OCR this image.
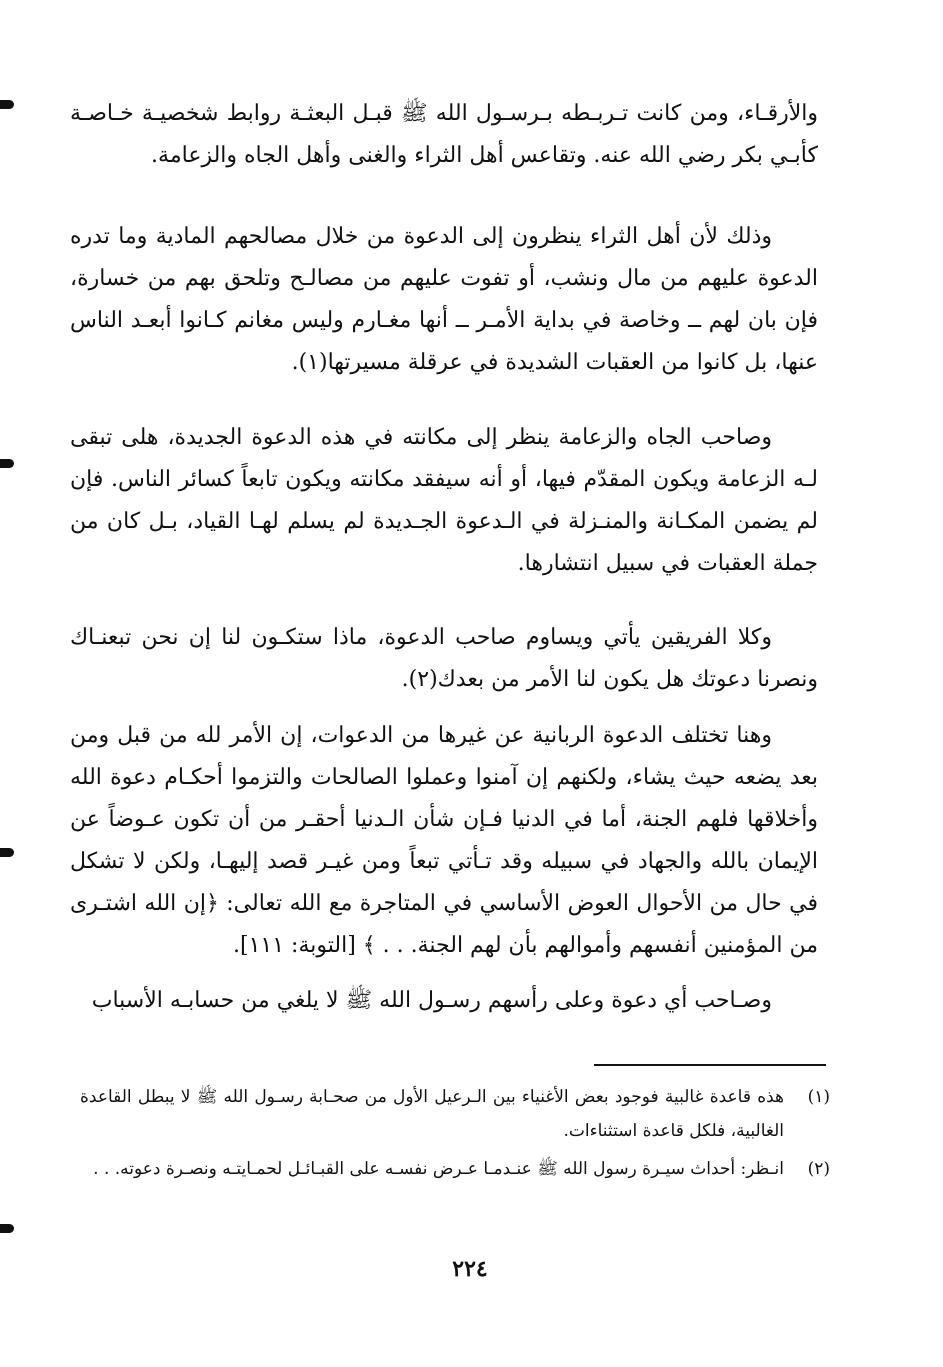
والأرقـاء، ومن كانت تـربـطه بـرسـول الله ﷺ قبـل البعثـة روابط شخصيـة خـاصـة كأبـي بكر رضي الله عنه. وتقاعس أهل الثراء والغنى وأهل الجاه والزعامة.

وذلك لأن أهل الثراء ينظرون إلى الدعوة من خلال مصالحهم المادية وما تدره الدعوة عليهم من مال ونشب، أو تفوت عليهم من مصالـح وتلحق بهم من خسارة، فإن بان لهم ــ وخاصة في بداية الأمـر ــ أنها مغـارم وليس مغانم كـانوا أبعـد الناس عنها، بل كانوا من العقبات الشديدة في عرقلة مسيرتها(١).

وصاحب الجاه والزعامة ينظر إلى مكانته في هذه الدعوة الجديدة، هلى تبقى لـه الزعامة ويكون المقدّم فيها، أو أنه سيفقد مكانته ويكون تابعاً كسائر الناس. فإن لم يضمن المكـانة والمنـزلة في الـدعوة الجـديدة لم يسلم لهـا القياد، بـل كان من جملة العقبات في سبيل انتشارها.

وكلا الفريقين يأتي ويساوم صاحب الدعوة، ماذا ستكـون لنا إن نحن تبعنـاك ونصرنا دعوتك هل يكون لنا الأمر من بعدك(٢).

وهنا تختلف الدعوة الربانية عن غيرها من الدعوات، إن الأمر لله من قبل ومن بعد يضعه حيث يشاء، ولكنهم إن آمنوا وعملوا الصالحات والتزموا أحكـام دعوة الله وأخلاقها فلهم الجنة، أما في الدنيا فـإن شأن الـدنيا أحقـر من أن تكون عـوضاً عن الإيمان بالله والجهاد في سبيله وقد تـأتي تبعاً ومن غيـر قصد إليهـا، ولكن لا تشكل في حال من الأحوال العوض الأساسي في المتاجرة مع الله تعالى: ﴿إن الله اشتـرى من المؤمنين أنفسهم وأموالهم بأن لهم الجنة. . . ﴾ [التوبة: ١١١].

وصـاحب أي دعوة وعلى رأسهم رسـول الله ﷺ لا يلغي من حسابـه الأسباب

(١)
هذه قاعدة غالبية فوجود بعض الأغنياء بين الـرعيل الأول من صحـابة رسـول الله ﷺ لا يبطل القاعدة الغالبية، فلكل قاعدة استثناءات.
(٢)
انـظر: أحداث سيـرة رسول الله ﷺ عنـدمـا عـرض نفسـه على القبـائـل لحمـايتـه ونصـرة دعوته. . .
٢٢٤
